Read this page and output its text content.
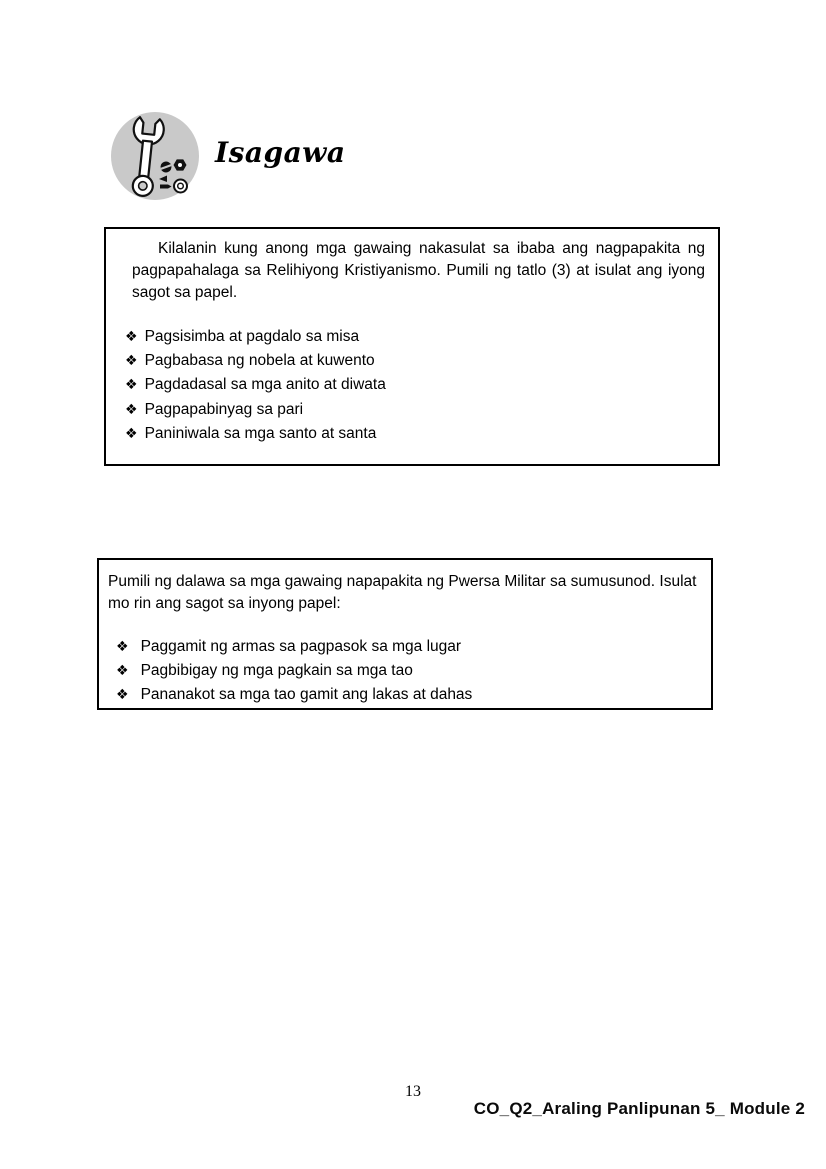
Isagawa

Kilalanin kung anong mga gawaing nakasulat sa ibaba ang nagpapakita ng pagpapahalaga sa Relihiyong Kristiyanismo. Pumili ng tatlo (3) at isulat ang iyong sagot sa papel.

❖ Pagsisimba at pagdalo sa misa
❖ Pagbabasa ng nobela at kuwento
❖ Pagdadasal sa mga anito at diwata
❖ Pagpapabinyag sa pari
❖ Paniniwala sa mga santo at santa

Pumili ng dalawa sa mga gawaing napapakita ng Pwersa Militar sa sumusunod. Isulat mo rin ang sagot sa inyong papel:

❖ Paggamit ng armas sa pagpasok sa mga lugar
❖ Pagbibigay ng mga pagkain sa mga tao
❖ Pananakot sa mga tao gamit ang lakas at dahas
13
CO_Q2_Araling Panlipunan 5_ Module 2
